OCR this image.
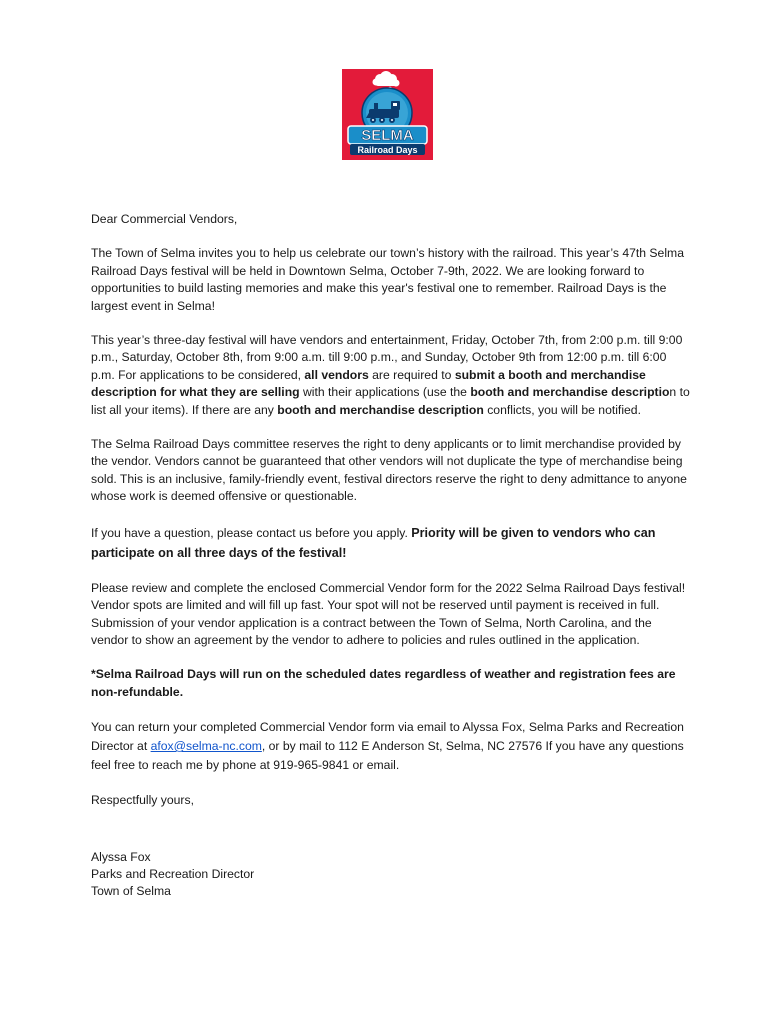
SELMA
Railroad Days

Dear Commercial Vendors,

The Town of Selma invites you to help us celebrate our town’s history with the railroad. This year’s 47th Selma Railroad Days festival will be held in Downtown Selma, October 7-9th, 2022. We are looking forward to opportunities to build lasting memories and make this year's festival one to remember. Railroad Days is the largest event in Selma!

This year’s three-day festival will have vendors and entertainment, Friday, October 7th, from 2:00 p.m. till 9:00 p.m., Saturday, October 8th, from 9:00 a.m. till 9:00 p.m., and Sunday, October 9th from 12:00 p.m. till 6:00 p.m. For applications to be considered, all vendors are required to submit a booth and merchandise description for what they are selling with their applications (use the booth and merchandise description to list all your items). If there are any booth and merchandise description conflicts, you will be notified.

The Selma Railroad Days committee reserves the right to deny applicants or to limit merchandise provided by the vendor. Vendors cannot be guaranteed that other vendors will not duplicate the type of merchandise being sold. This is an inclusive, family-friendly event, festival directors reserve the right to deny admittance to anyone whose work is deemed offensive or questionable.

If you have a question, please contact us before you apply. Priority will be given to vendors who can participate on all three days of the festival!

Please review and complete the enclosed Commercial Vendor form for the 2022 Selma Railroad Days festival! Vendor spots are limited and will fill up fast. Your spot will not be reserved until payment is received in full. Submission of your vendor application is a contract between the Town of Selma, North Carolina, and the vendor to show an agreement by the vendor to adhere to policies and rules outlined in the application.

*Selma Railroad Days will run on the scheduled dates regardless of weather and registration fees are non-refundable.

You can return your completed Commercial Vendor form via email to Alyssa Fox, Selma Parks and Recreation Director at afox@selma-nc.com, or by mail to 112 E Anderson St, Selma, NC 27576 If you have any questions feel free to reach me by phone at 919-965-9841 or email.

Respectfully yours,

Alyssa Fox
Parks and Recreation Director
Town of Selma
